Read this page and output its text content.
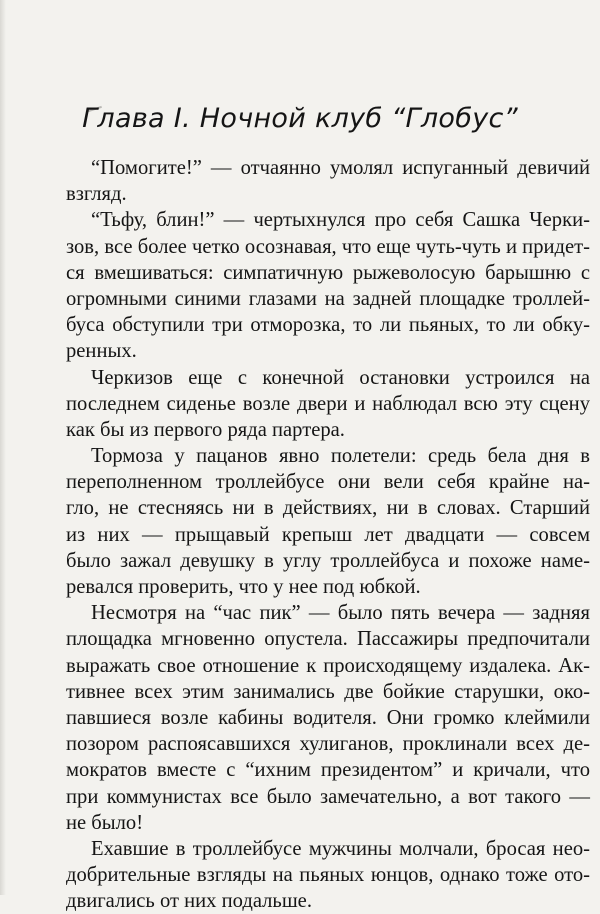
Глава I. Ночной клуб “Глобус”
“Помогите!” — отчаянно умолял испуганный девичий
взгляд.
“Тьфу, блин!” — чертыхнулся про себя Сашка Черки-
зов, все более четко осознавая, что еще чуть-чуть и придет-
ся вмешиваться: симпатичную рыжеволосую барышню с
огромными синими глазами на задней площадке троллей-
буса обступили три отморозка, то ли пьяных, то ли обку-
ренных.
Черкизов еще с конечной остановки устроился на
последнем сиденье возле двери и наблюдал всю эту сцену
как бы из первого ряда партера.
Тормоза у пацанов явно полетели: средь бела дня в
переполненном троллейбусе они вели себя крайне на-
гло, не стесняясь ни в действиях, ни в словах. Старший
из них — прыщавый крепыш лет двадцати — совсем
было зажал девушку в углу троллейбуса и похоже наме-
ревался проверить, что у нее под юбкой.
Несмотря на “час пик” — было пять вечера — задняя
площадка мгновенно опустела. Пассажиры предпочитали
выражать свое отношение к происходящему издалека. Ак-
тивнее всех этим занимались две бойкие старушки, око-
павшиеся возле кабины водителя. Они громко клеймили
позором распоясавшихся хулиганов, проклинали всех де-
мократов вместе с “ихним президентом” и кричали, что
при коммунистах все было замечательно, а вот такого —
не было!
Ехавшие в троллейбусе мужчины молчали, бросая нео-
добрительные взгляды на пьяных юнцов, однако тоже ото-
двигались от них подальше.
